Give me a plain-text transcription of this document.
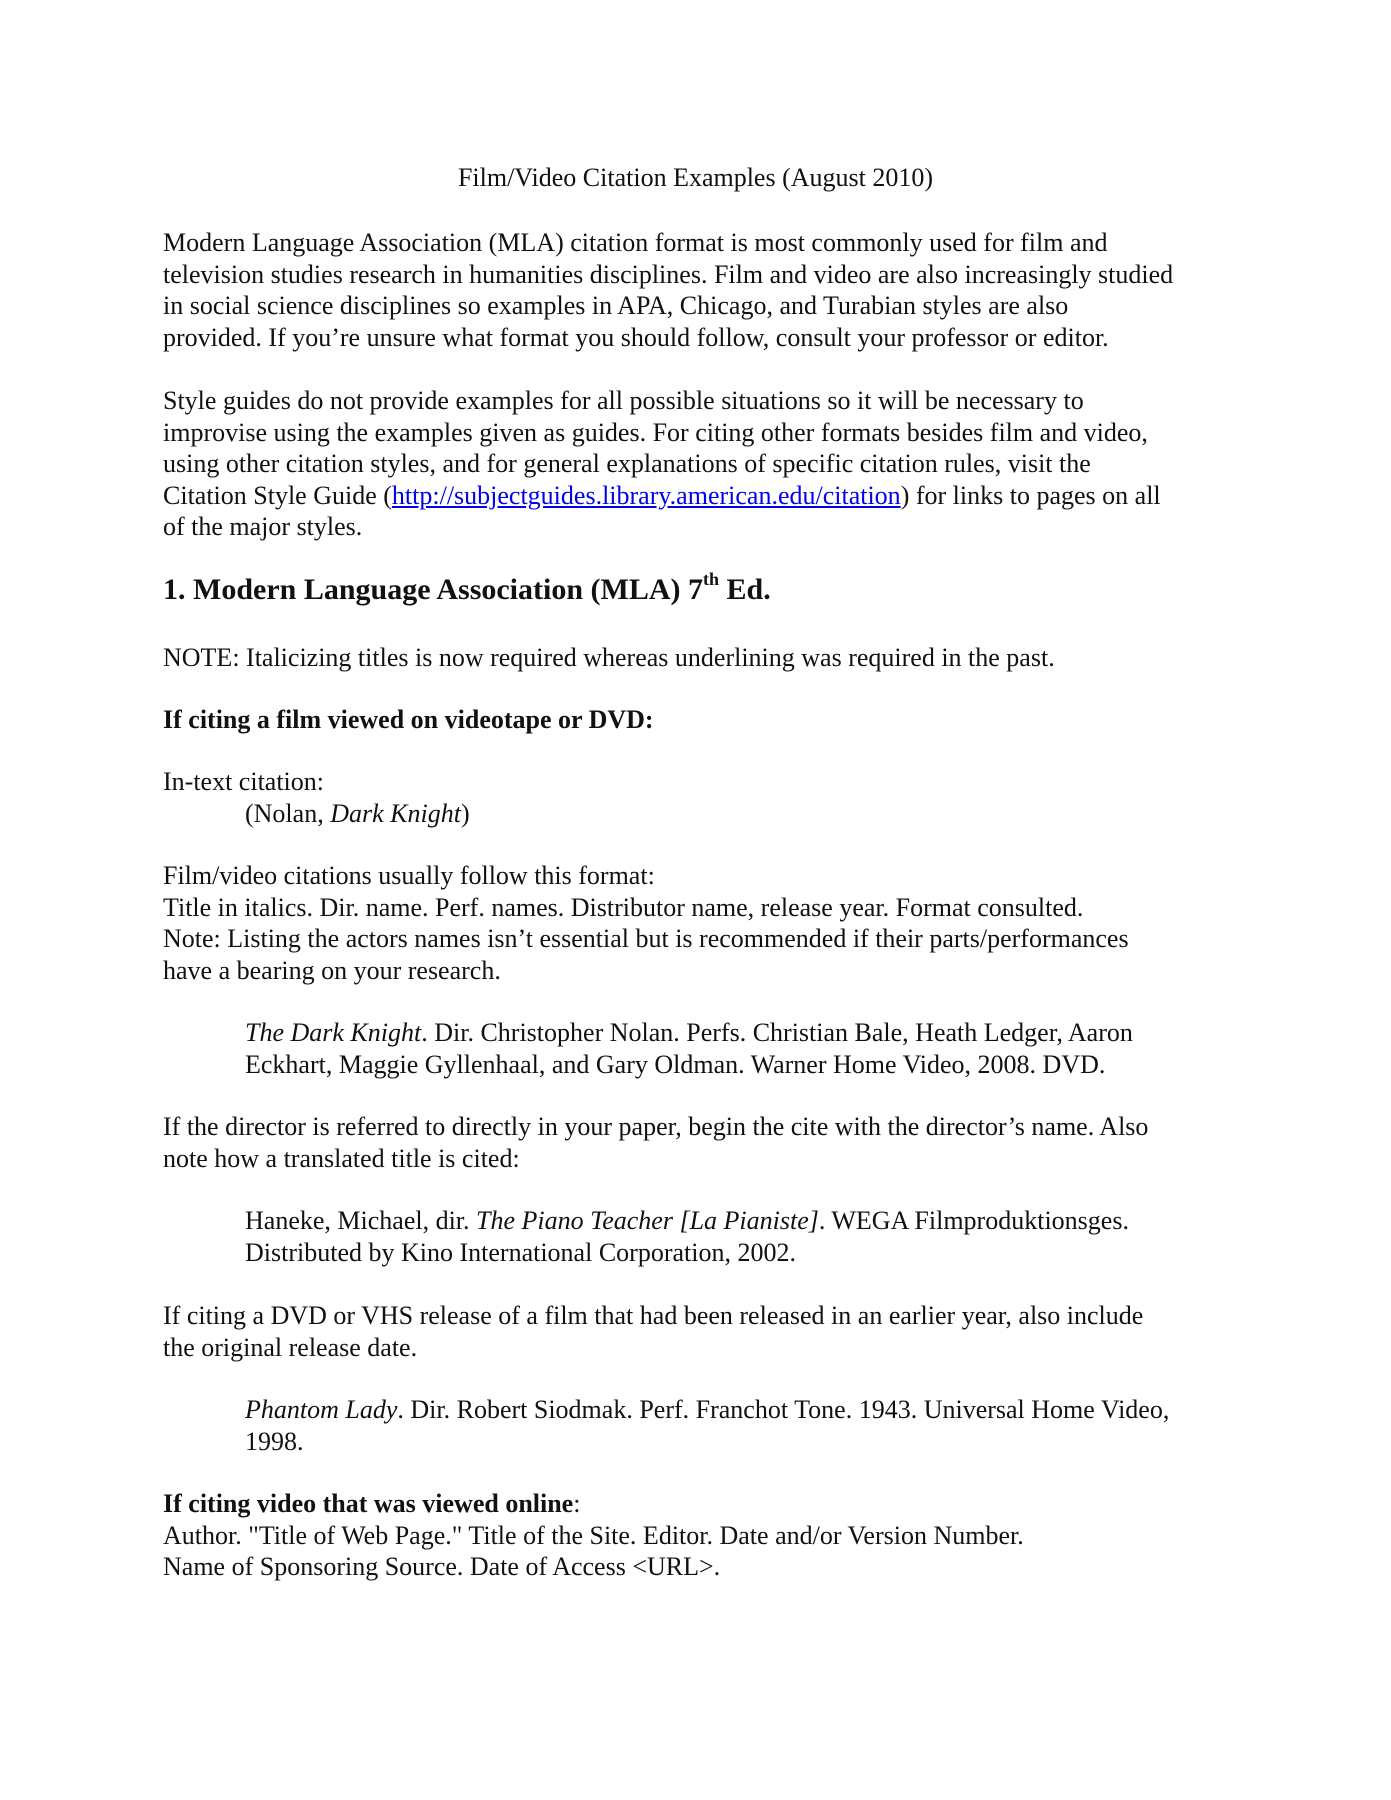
Film/Video Citation Examples (August 2010)
Modern Language Association (MLA) citation format is most commonly used for film and
television studies research in humanities disciplines. Film and video are also increasingly studied
in social science disciplines so examples in APA, Chicago, and Turabian styles are also
provided. If you’re unsure what format you should follow, consult your professor or editor.
Style guides do not provide examples for all possible situations so it will be necessary to
improvise using the examples given as guides. For citing other formats besides film and video,
using other citation styles, and for general explanations of specific citation rules, visit the
Citation Style Guide (http://subjectguides.library.american.edu/citation) for links to pages on all
of the major styles.
1. Modern Language Association (MLA) 7th Ed.
NOTE: Italicizing titles is now required whereas underlining was required in the past.
If citing a film viewed on videotape or DVD:
In-text citation:
(Nolan, Dark Knight)
Film/video citations usually follow this format:
Title in italics. Dir. name. Perf. names. Distributor name, release year. Format consulted.
Note: Listing the actors names isn’t essential but is recommended if their parts/performances
have a bearing on your research.
The Dark Knight. Dir. Christopher Nolan. Perfs. Christian Bale, Heath Ledger, Aaron
Eckhart, Maggie Gyllenhaal, and Gary Oldman. Warner Home Video, 2008. DVD.
If the director is referred to directly in your paper, begin the cite with the director’s name. Also
note how a translated title is cited:
Haneke, Michael, dir. The Piano Teacher [La Pianiste]. WEGA Filmproduktionsges.
Distributed by Kino International Corporation, 2002.
If citing a DVD or VHS release of a film that had been released in an earlier year, also include
the original release date.
Phantom Lady. Dir. Robert Siodmak. Perf. Franchot Tone. 1943. Universal Home Video,
1998.
If citing video that was viewed online:
Author. "Title of Web Page." Title of the Site. Editor. Date and/or Version Number.
Name of Sponsoring Source. Date of Access <URL>.
